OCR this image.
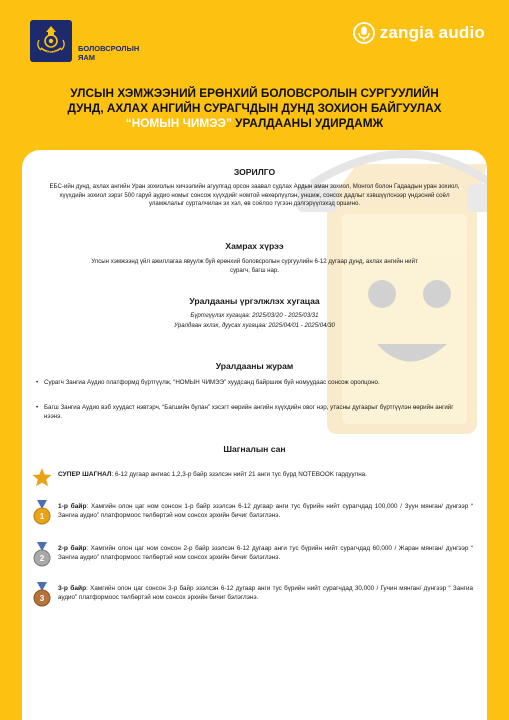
МОНГОЛ УЛСЫН ЗАСГИЙН ГАЗАР
БОЛОВСРОЛЫН
ЯАМ
zangia audio
УЛСЫН ХЭМЖЭЭНИЙ ЕРӨНХИЙ БОЛОВСРОЛЫН СУРГУУЛИЙН
ДУНД, АХЛАХ АНГИЙН СУРАГЧДЫН ДУНД ЗОХИОН БАЙГУУЛАХ
“НОМЫН ЧИМЭЭ” УРАЛДААНЫ УДИРДАМЖ
ЗОРИЛГО
ЕБС-ийн дунд, ахлах ангийн Уран зохиолын хичээлийн агуулгад орсон заавал судлах Ардын аман зохиол, Монгол болон Гадаадын уран зохиол, хүүхдийн зохиол зэрэг 500 гаруй аудио номыг сонсож хүүхдийг номтой нөхөрлүүлэн, уншиж, сонсох дадлыг хэвшүүлснээр үндэсний соёл уламжлалыг сурталчилан эх хэл, өв соёлоо түгээн дэлгэрүүлэхэд оршино.
Хамрах хүрээ
Улсын хэмжээнд үйл ажиллагаа явуулж буй ерөнхий боловсролын сургуулийн 6-12 дугаар дунд, ахлах ангийн нийт сурагч, багш нар.
Уралдааны үргэлжлэх хугацаа
Бүртгүүлэх хугацаа: 2025/03/20 - 2025/03/31
Уралдаан эхлэх, дуусах хугацаа: 2025/04/01 - 2025/04/30
Уралдааны журам
• Сурагч Зангиа Аудио платформд бүртгүүлж, “НОМЫН ЧИМЭЭ” хуудсанд байршиж буй номуудаас сонсож оролцоно.
• Багш Зангиа Аудио вэб хуудаст нэвтэрч, “Багшийн булан” хэсэгт өөрийн ангийн хүүхдийн овог нэр, утасны дугаарыг бүртгүүлэн өөрийн ангийг нээнэ.
Шагналын сан
СУПЕР ШАГНАЛ: 6-12 дугаар ангиас 1,2,3-р байр эзэлсэн нийт 21 анги тус бүрд NOTEBOOK гардуулна.
1
1-р байр: Хамгийн олон цаг ном сонсон 1-р байр эзэлсэн 6-12 дугаар анги тус бүрийн нийт сурагчдад 100,000 / Зуун мянган/ дүнгээр “ Зангиа аудио” платформоос төлбөртэй ном сонсох эрхийн бичиг бэлэглэнэ.
2
2-р байр: Хамгийн олон цаг ном сонсон 2-р байр эзэлсэн 6-12 дугаар анги тус бүрийн нийт сурагчдад 60,000 / Жаран мянган/ дүнгээр “ Зангиа аудио” платформоос төлбөртэй ном сонсох эрхийн бичиг бэлэглэнэ.
3
3-р байр: Хамгийн олон цаг сонсон 3-р байр эзэлсэн 6-12 дугаар анги тус бүрийн нийт сурагчдад 30,000 / Гучин мянган/ дүнгээр “ Зангиа аудио” платформоос төлбөртэй ном сонсох эрхийн бичиг бэлэглэнэ.
